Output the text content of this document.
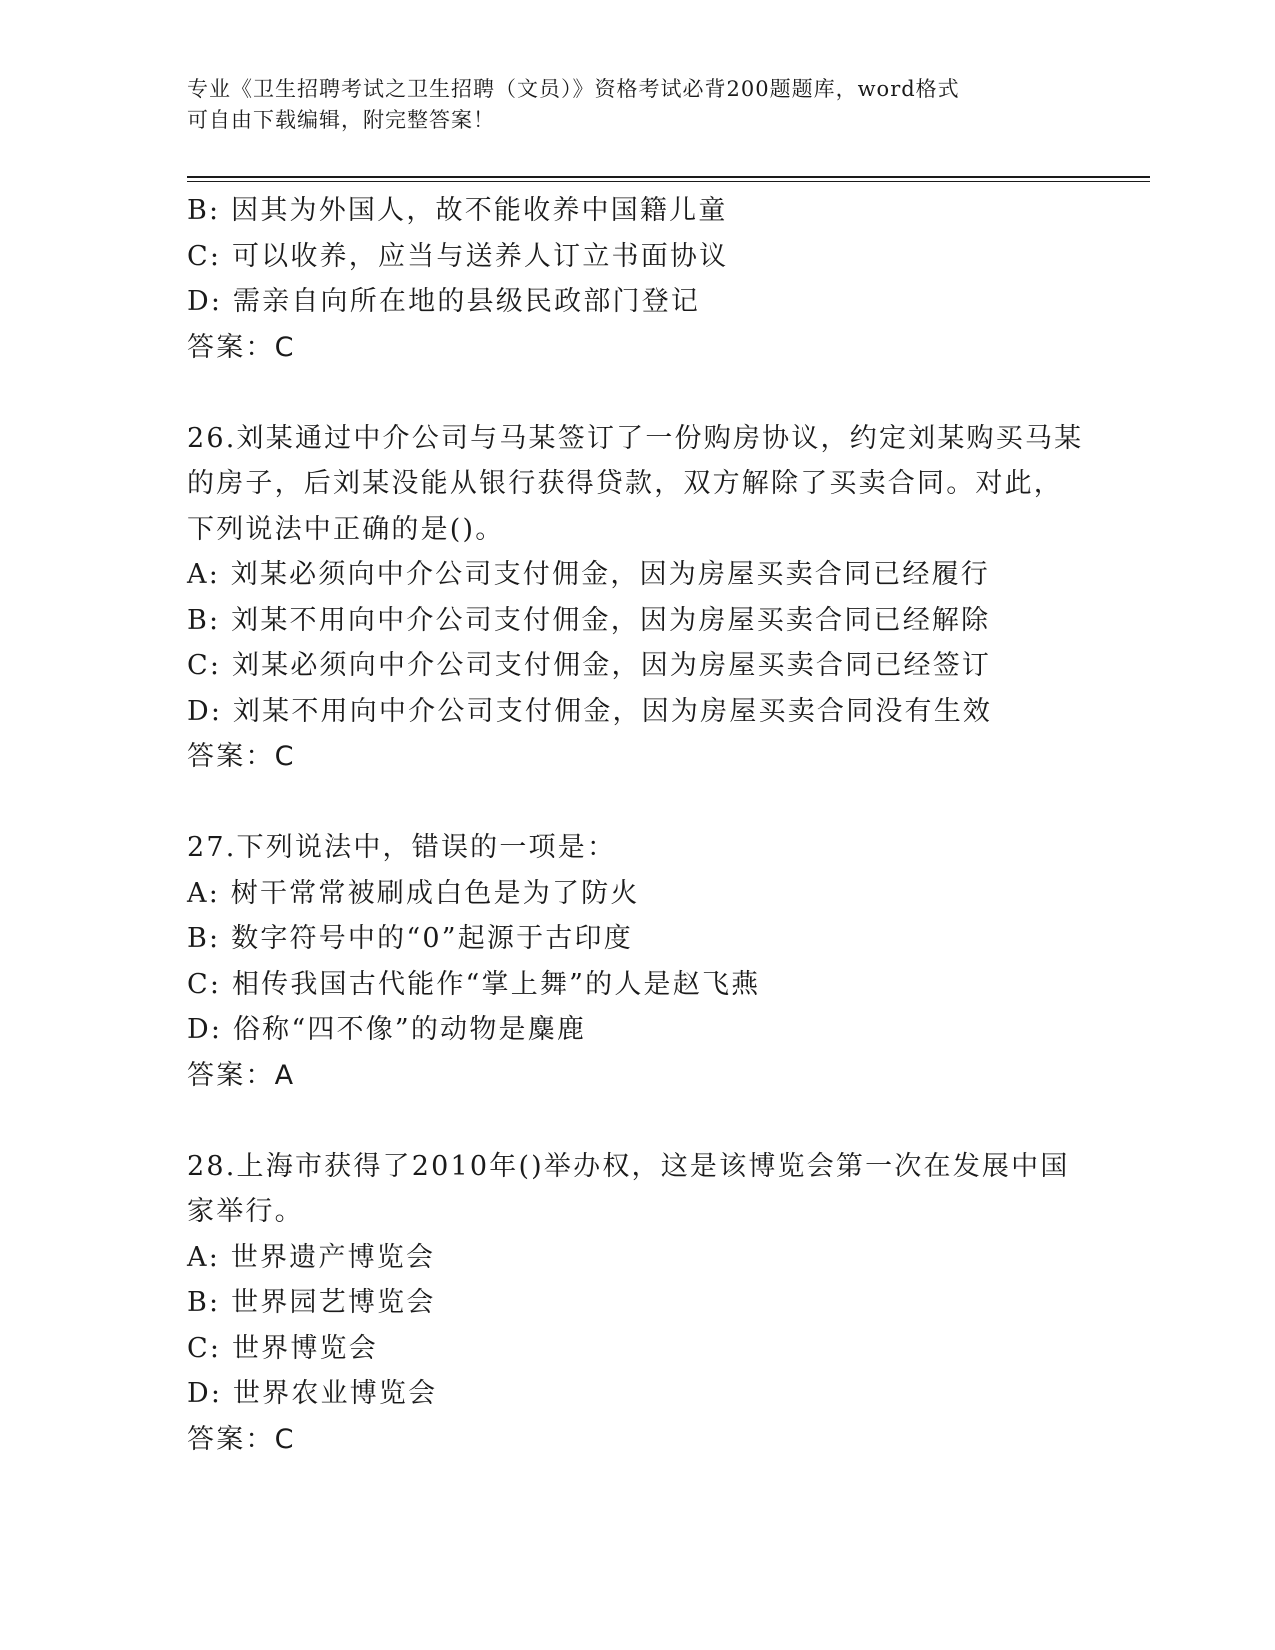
专业《卫生招聘考试之卫生招聘（文员）》资格考试必背200题题库，word格式
可自由下载编辑，附完整答案！
B: 因其为外国人，故不能收养中国籍儿童
C: 可以收养，应当与送养人订立书面协议
D: 需亲自向所在地的县级民政部门登记
答案：C
26.刘某通过中介公司与马某签订了一份购房协议，约定刘某购买马某
的房子，后刘某没能从银行获得贷款，双方解除了买卖合同。对此，
下列说法中正确的是()。
A: 刘某必须向中介公司支付佣金，因为房屋买卖合同已经履行
B: 刘某不用向中介公司支付佣金，因为房屋买卖合同已经解除
C: 刘某必须向中介公司支付佣金，因为房屋买卖合同已经签订
D: 刘某不用向中介公司支付佣金，因为房屋买卖合同没有生效
答案：C
27.下列说法中，错误的一项是：
A: 树干常常被刷成白色是为了防火
B: 数字符号中的“0”起源于古印度
C: 相传我国古代能作“掌上舞”的人是赵飞燕
D: 俗称“四不像”的动物是麋鹿
答案：A
28.上海市获得了2010年()举办权，这是该博览会第一次在发展中国
家举行。
A: 世界遗产博览会
B: 世界园艺博览会
C: 世界博览会
D: 世界农业博览会
答案：C
